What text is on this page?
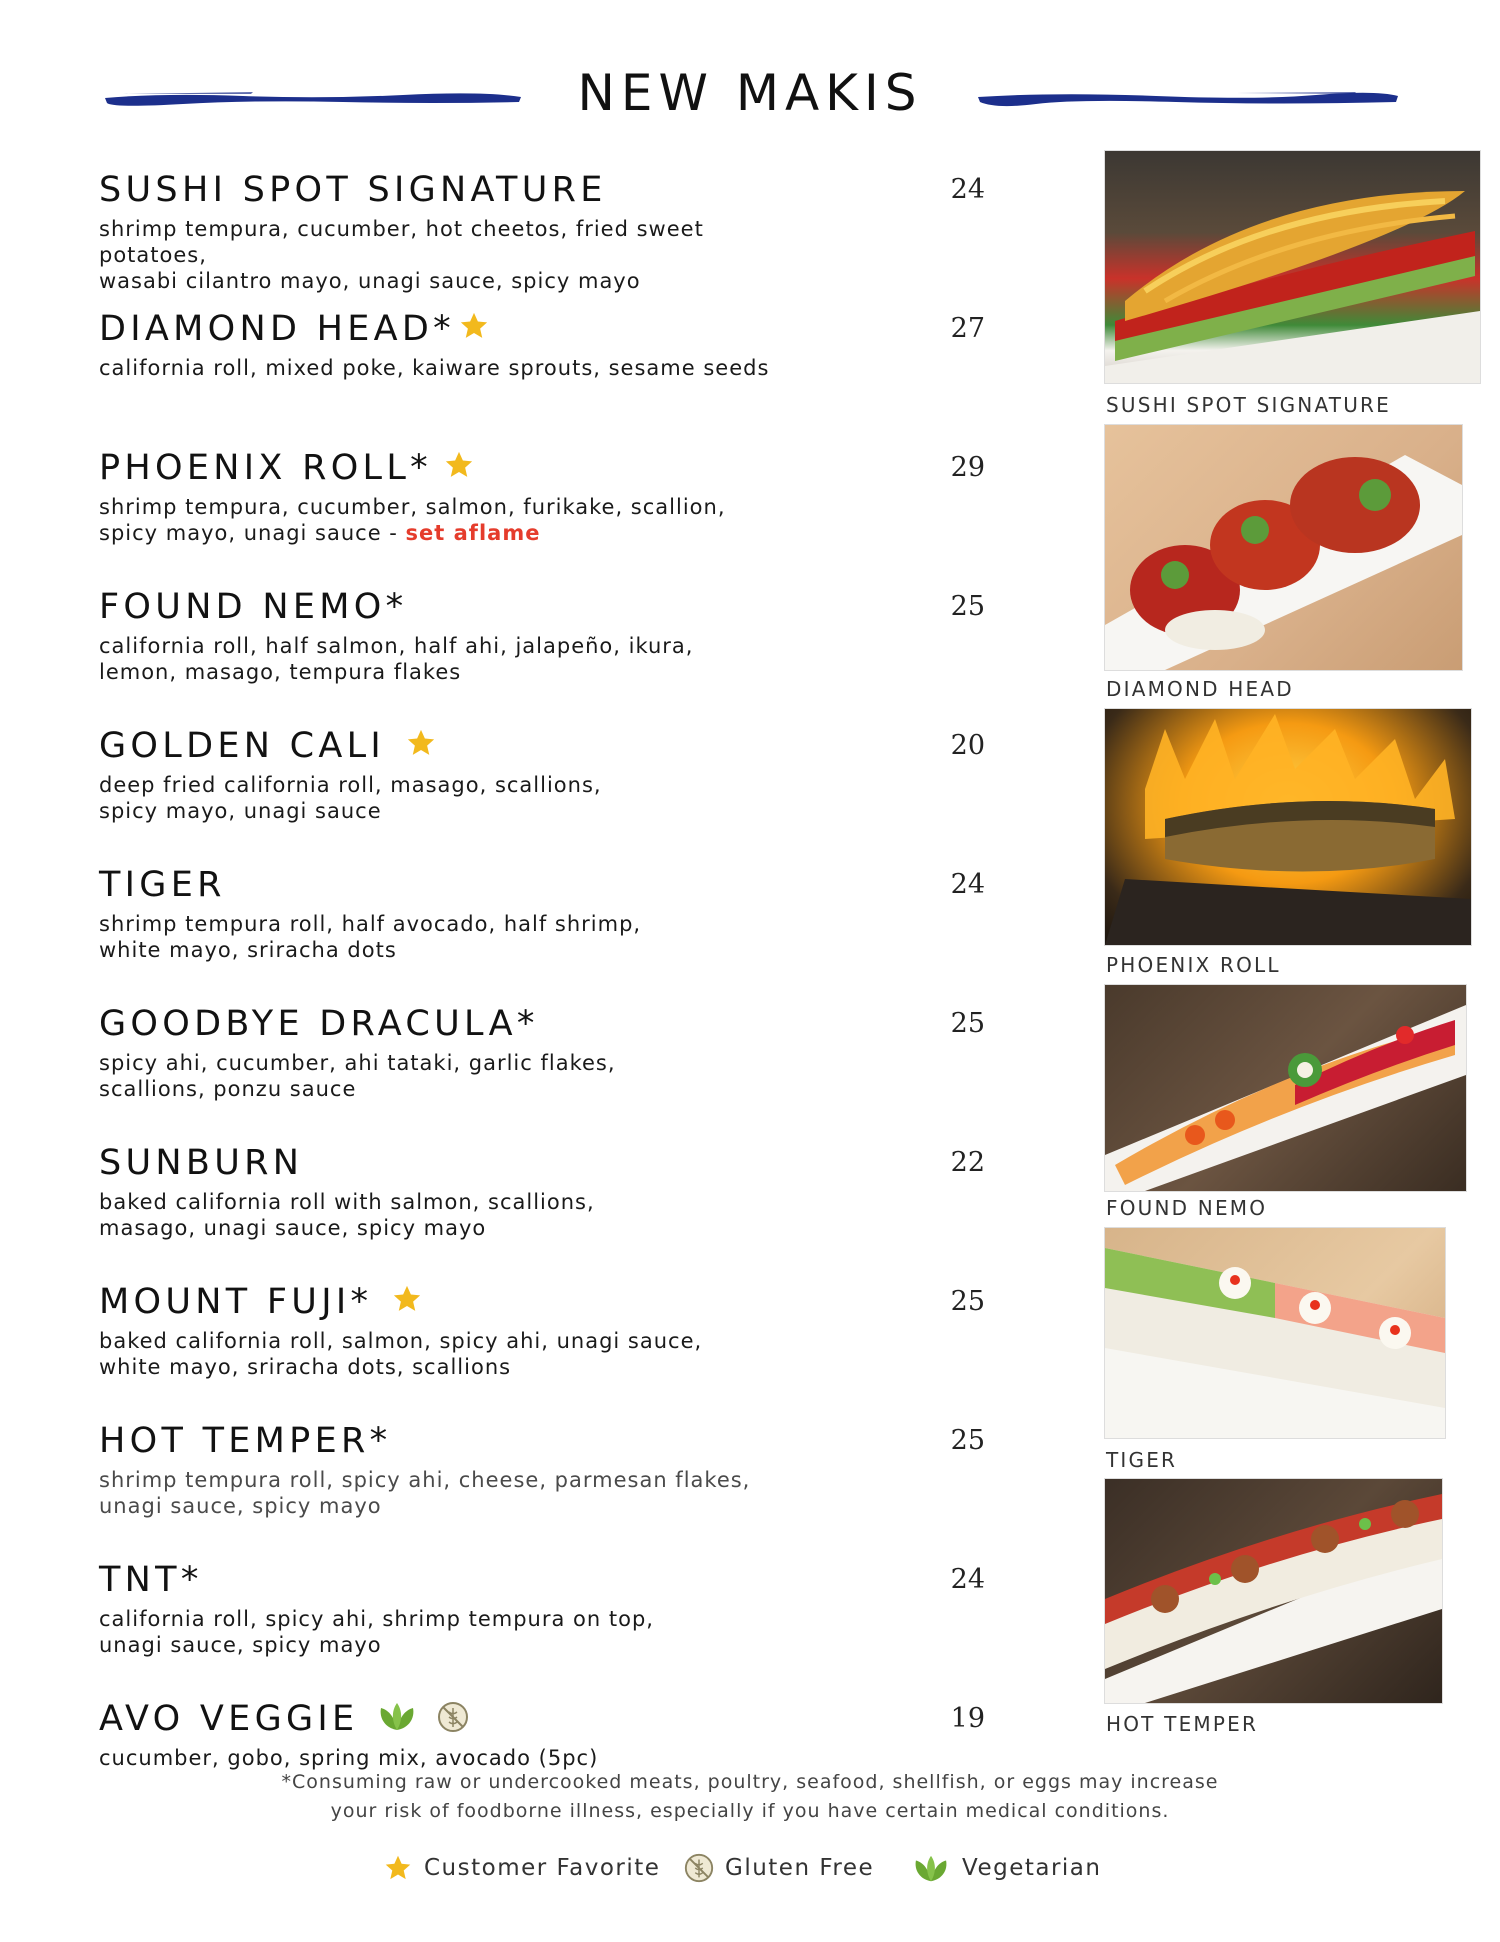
NEW MAKIS
SUSHI SPOT SIGNATURE	24
shrimp tempura, cucumber, hot cheetos, fried sweet potatoes,
wasabi cilantro mayo, unagi sauce, spicy mayo
DIAMOND HEAD*	27
california roll, mixed poke, kaiware sprouts, sesame seeds
PHOENIX ROLL*	29
shrimp tempura, cucumber, salmon, furikake, scallion,
spicy mayo, unagi sauce - set aflame
FOUND NEMO*	25
california roll, half salmon, half ahi, jalapeño, ikura,
lemon, masago, tempura flakes
GOLDEN CALI	20
deep fried california roll, masago, scallions,
spicy mayo, unagi sauce
TIGER	24
shrimp tempura roll, half avocado, half shrimp,
white mayo, sriracha dots
GOODBYE DRACULA*	25
spicy ahi, cucumber, ahi tataki, garlic flakes,
scallions, ponzu sauce
SUNBURN	22
baked california roll with salmon, scallions,
masago, unagi sauce, spicy mayo
MOUNT FUJI*	25
baked california roll, salmon, spicy ahi, unagi sauce,
white mayo, sriracha dots, scallions
HOT TEMPER*	25
shrimp tempura roll, spicy ahi, cheese, parmesan flakes,
unagi sauce, spicy mayo
TNT*	24
california roll, spicy ahi, shrimp tempura on top,
unagi sauce, spicy mayo
AVO VEGGIE	19
cucumber, gobo, spring mix, avocado (5pc)
SUSHI SPOT SIGNATURE
DIAMOND HEAD
PHOENIX ROLL
FOUND NEMO
TIGER
HOT TEMPER
*Consuming raw or undercooked meats, poultry, seafood, shellfish, or eggs may increase
your risk of foodborne illness, especially if you have certain medical conditions.
Customer Favorite	Gluten Free	Vegetarian
